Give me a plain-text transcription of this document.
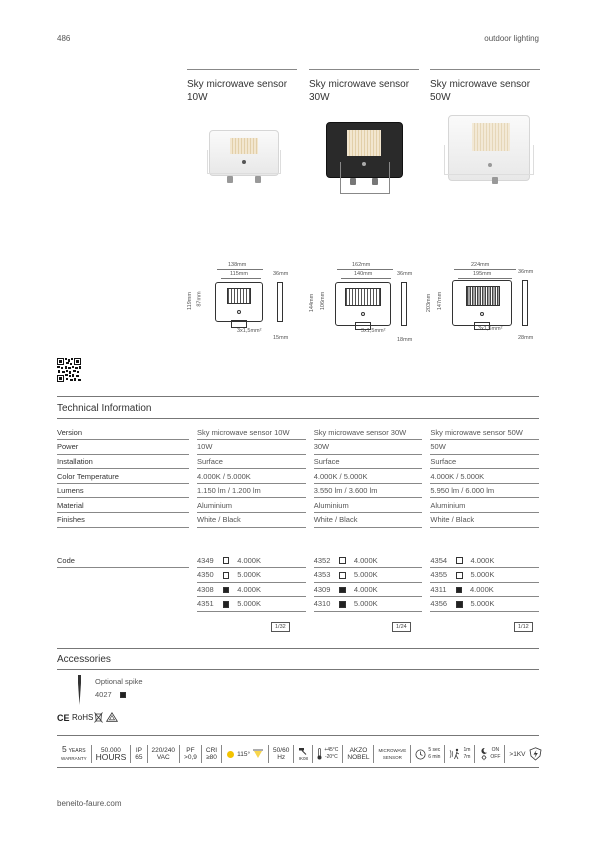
486	outdoor lighting
Sky microwave sensor
10W
Sky microwave sensor
30W
Sky microwave sensor
50W
138mm
115mm	36mm
119mm 87mm
3x1,5mm²
15mm
162mm
140mm	36mm
144mm 106mm
3x1,5mm²
18mm
224mm
195mm	36mm
203mm 147mm
3x1,5mm²
28mm
Technical Information
Version		Sky microwave sensor 10W		Sky microwave sensor 30W		Sky microwave sensor 50W
Power		10W		30W		50W
Installation		Surface		Surface		Surface
Color Temperature		4.000K / 5.000K		4.000K / 5.000K		4.000K / 5.000K
Lumens		1.150 lm / 1.200 lm		3.550 lm / 3.600 lm		5.950 lm / 6.000 lm
Material		Aluminium		Aluminium		Aluminium
Finishes		White / Black		White / Black		White / Black
Code		4349 4.000K		4352 4.000K		4354 4.000K
		4350 5.000K		4353 5.000K		4355 5.000K
		4308 4.000K		4309 4.000K		4311 4.000K
		4351 5.000K		4310 5.000K		4356 5.000K
1/32	1/24	1/12
Accessories
Optional spike
4027
CE RoHS
5 YEARS
WARRANTY
50.000
HOURS
IP
65
220/240
VAC
PF
>0,9
CRI
≥80	115°	50/60
Hz	IK08
+45°C
-20°C
AKZO
NOBEL
MICROWAVE
SENSOR
5 sec
6 min
1m
7m
ON
OFF >1KV
beneito-faure.com
